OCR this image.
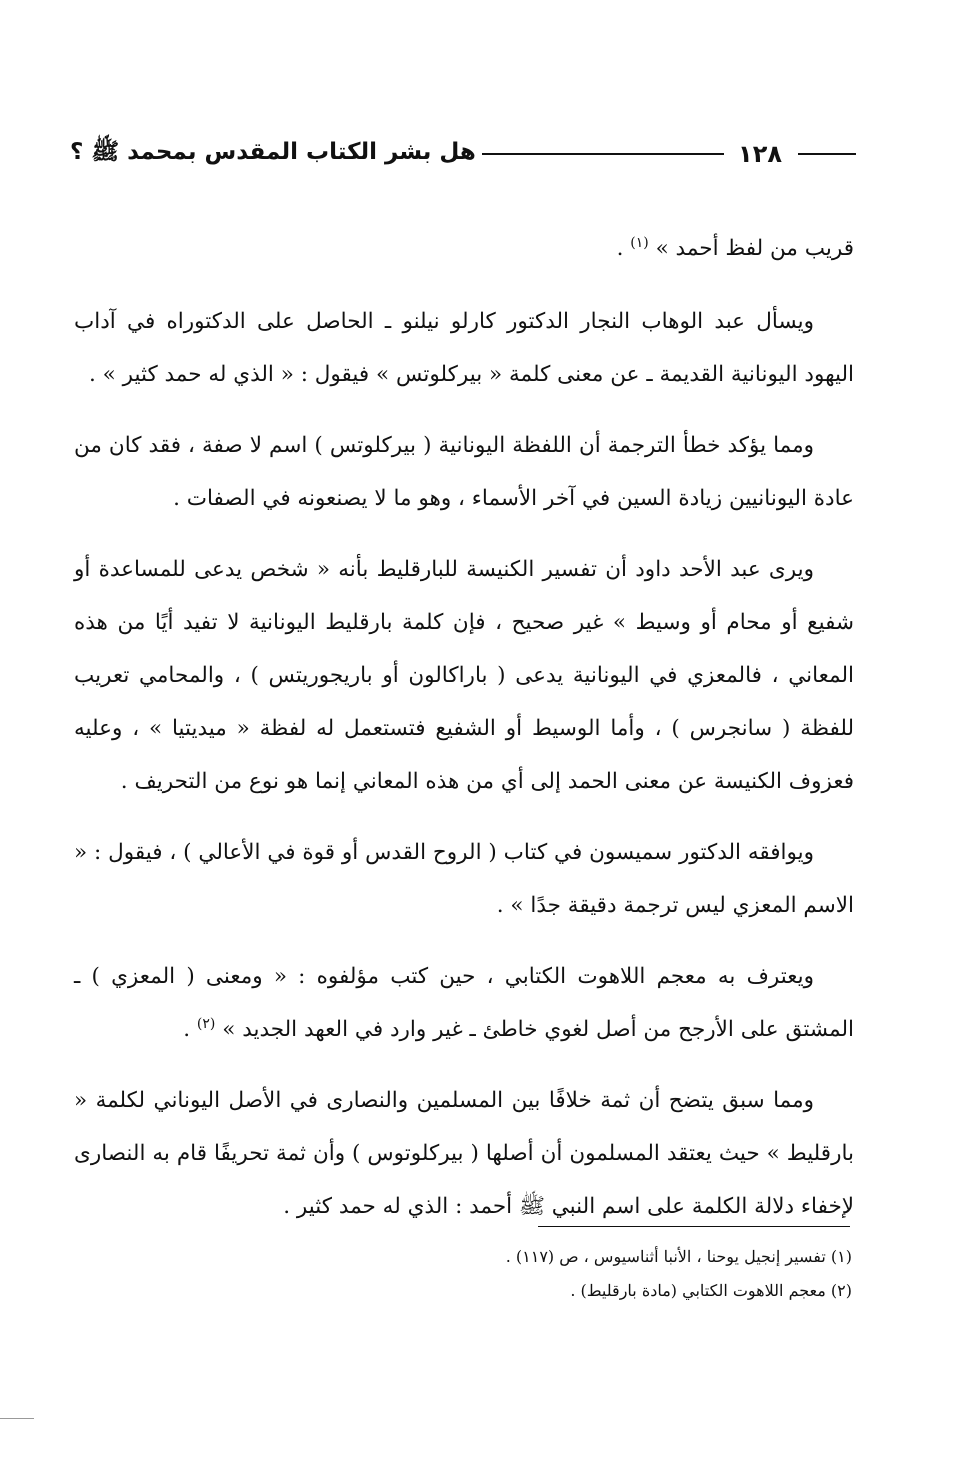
١٢٨
هل بشر الكتاب المقدس بمحمد ﷺ ؟

قريب من لفظ أحمد » $^{(١)}$ .

ويسأل عبد الوهاب النجار الدكتور كارلو نيلنو ـ الحاصل على الدكتوراه في آداب اليهود اليونانية القديمة ـ عن معنى كلمة « بيركلوتس » فيقول : « الذي له حمد كثير » .

ومما يؤكد خطأ الترجمة أن اللفظة اليونانية ( بيركلوتس ) اسم لا صفة ، فقد كان من عادة اليونانيين زيادة السين في آخر الأسماء ، وهو ما لا يصنعونه في الصفات .

ويرى عبد الأحد داود أن تفسير الكنيسة للبارقليط بأنه « شخص يدعى للمساعدة أو شفيع أو محام أو وسيط » غير صحيح ، فإن كلمة بارقليط اليونانية لا تفيد أيًا من هذه المعاني ، فالمعزي في اليونانية يدعى ( باراكالون أو باريجوريتس ) ، والمحامي تعريب للفظة ( سانجرس ) ، وأما الوسيط أو الشفيع فتستعمل له لفظة « ميديتيا » ، وعليه فعزوف الكنيسة عن معنى الحمد إلى أي من هذه المعاني إنما هو نوع من التحريف .

ويوافقه الدكتور سميسون في كتاب ( الروح القدس أو قوة في الأعالي ) ، فيقول : « الاسم المعزي ليس ترجمة دقيقة جدًا » .

ويعترف به معجم اللاهوت الكتابي ، حين كتب مؤلفوه : « ومعنى ( المعزي ) ـ المشتق على الأرجح من أصل لغوي خاطئ ـ غير وارد في العهد الجديد » $^{(٢)}$ .

ومما سبق يتضح أن ثمة خلافًا بين المسلمين والنصارى في الأصل اليوناني لكلمة « بارقليط » حيث يعتقد المسلمون أن أصلها ( بيركلوتوس ) وأن ثمة تحريفًا قام به النصارى لإخفاء دلالة الكلمة على اسم النبي ﷺ أحمد : الذي له حمد كثير .

(١) تفسير إنجيل يوحنا ، الأنبا أثناسيوس ، ص (١١٧) .
(٢) معجم اللاهوت الكتابي (مادة بارقليط) .
